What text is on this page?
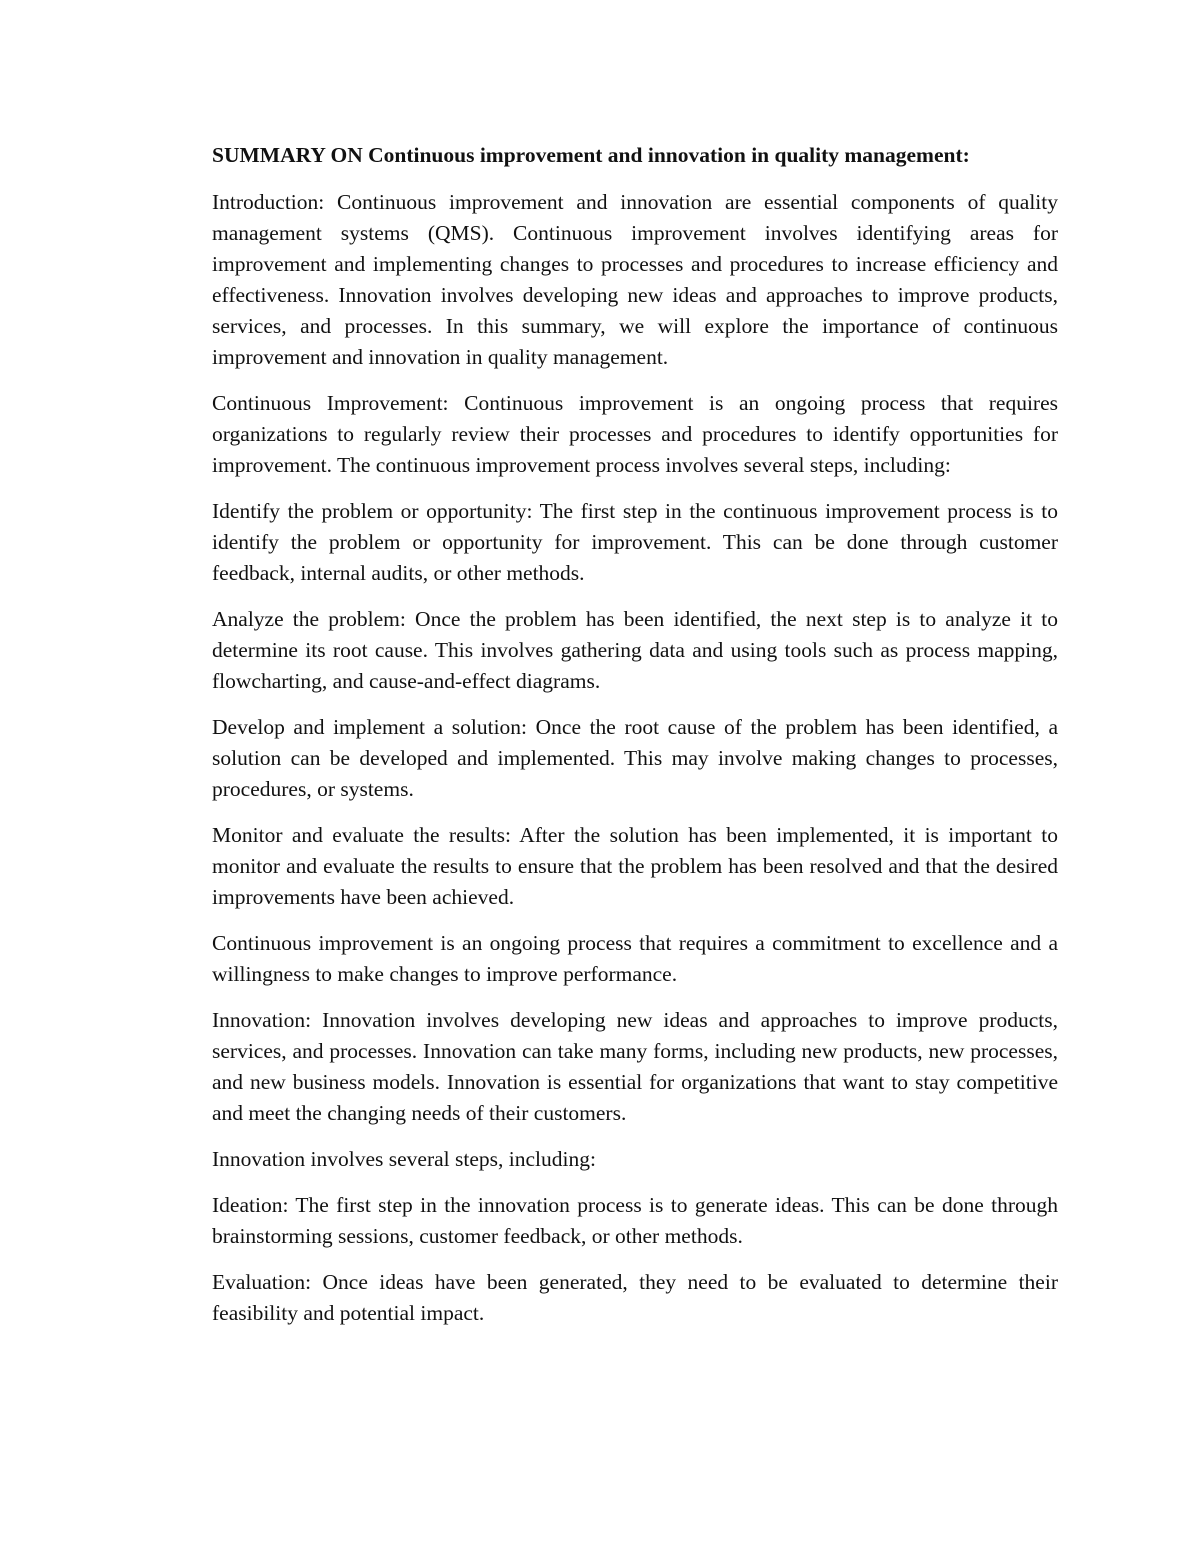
SUMMARY ON Continuous improvement and innovation in quality management:

Introduction: Continuous improvement and innovation are essential components of quality management systems (QMS). Continuous improvement involves identifying areas for improvement and implementing changes to processes and procedures to increase efficiency and effectiveness. Innovation involves developing new ideas and approaches to improve products, services, and processes. In this summary, we will explore the importance of continuous improvement and innovation in quality management.

Continuous Improvement: Continuous improvement is an ongoing process that requires organizations to regularly review their processes and procedures to identify opportunities for improvement. The continuous improvement process involves several steps, including:

Identify the problem or opportunity: The first step in the continuous improvement process is to identify the problem or opportunity for improvement. This can be done through customer feedback, internal audits, or other methods.

Analyze the problem: Once the problem has been identified, the next step is to analyze it to determine its root cause. This involves gathering data and using tools such as process mapping, flowcharting, and cause-and-effect diagrams.

Develop and implement a solution: Once the root cause of the problem has been identified, a solution can be developed and implemented. This may involve making changes to processes, procedures, or systems.

Monitor and evaluate the results: After the solution has been implemented, it is important to monitor and evaluate the results to ensure that the problem has been resolved and that the desired improvements have been achieved.

Continuous improvement is an ongoing process that requires a commitment to excellence and a willingness to make changes to improve performance.

Innovation: Innovation involves developing new ideas and approaches to improve products, services, and processes. Innovation can take many forms, including new products, new processes, and new business models. Innovation is essential for organizations that want to stay competitive and meet the changing needs of their customers.

Innovation involves several steps, including:

Ideation: The first step in the innovation process is to generate ideas. This can be done through brainstorming sessions, customer feedback, or other methods.

Evaluation: Once ideas have been generated, they need to be evaluated to determine their feasibility and potential impact.
